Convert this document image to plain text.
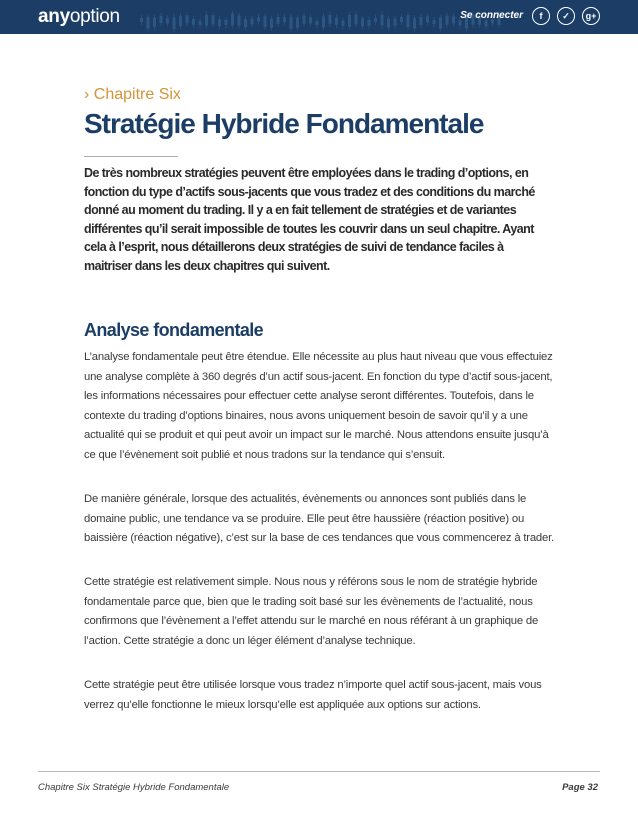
anyoption	Se connecter	f	✓	g+
› Chapitre Six
Stratégie Hybride Fondamentale
De très nombreux stratégies peuvent être employées dans le trading d’options, en fonction du type d’actifs sous-jacents que vous tradez et des conditions du marché donné au moment du trading. Il y a en fait tellement de stratégies et de variantes différentes qu’il serait impossible de toutes les couvrir dans un seul chapitre. Ayant cela à l’esprit, nous détaillerons deux stratégies de suivi de tendance faciles à maitriser dans les deux chapitres qui suivent.
Analyse fondamentale
L’analyse fondamentale peut être étendue. Elle nécessite au plus haut niveau que vous effectuiez une analyse complète à 360 degrés d’un actif sous-jacent. En fonction du type d’actif sous-jacent, les informations nécessaires pour effectuer cette analyse seront différentes. Toutefois, dans le contexte du trading d’options binaires, nous avons uniquement besoin de savoir qu’il y a une actualité qui se produit et qui peut avoir un impact sur le marché. Nous attendons ensuite jusqu’à ce que l’évènement soit publié et nous tradons sur la tendance qui s’ensuit.
De manière générale, lorsque des actualités, évènements ou annonces sont publiés dans le domaine public, une tendance va se produire. Elle peut être haussière (réaction positive) ou baissière (réaction négative), c’est sur la base de ces tendances que vous commencerez à trader.
Cette stratégie est relativement simple. Nous nous y référons sous le nom de stratégie hybride fondamentale parce que, bien que le trading soit basé sur les évènements de l’actualité, nous confirmons que l’évènement a l’effet attendu sur le marché en nous référant à un graphique de l’action. Cette stratégie a donc un léger élément d’analyse technique.
Cette stratégie peut être utilisée lorsque vous tradez n’importe quel actif sous-jacent, mais vous verrez qu’elle fonctionne le mieux lorsqu’elle est appliquée aux options sur actions.
Chapitre Six Stratégie Hybride Fondamentale	Page 32
